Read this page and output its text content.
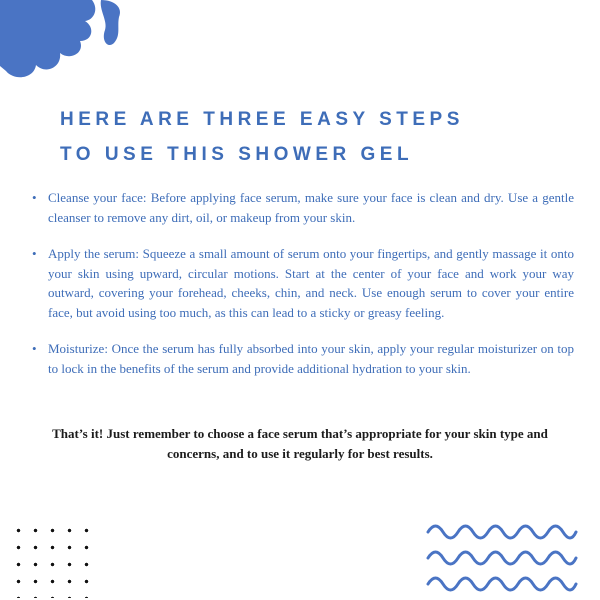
HERE ARE THREE EASY STEPS
TO USE THIS SHOWER GEL
• Cleanse your face: Before applying face serum, make sure your face is clean and dry. Use a gentle cleanser to remove any dirt, oil, or makeup from your skin.
• Apply the serum: Squeeze a small amount of serum onto your fingertips, and gently massage it onto your skin using upward, circular motions. Start at the center of your face and work your way outward, covering your forehead, cheeks, chin, and neck. Use enough serum to cover your entire face, but avoid using too much, as this can lead to a sticky or greasy feeling.
• Moisturize: Once the serum has fully absorbed into your skin, apply your regular moisturizer on top to lock in the benefits of the serum and provide additional hydration to your skin.

That’s it! Just remember to choose a face serum that’s appropriate for your skin type and concerns, and to use it regularly for best results.
